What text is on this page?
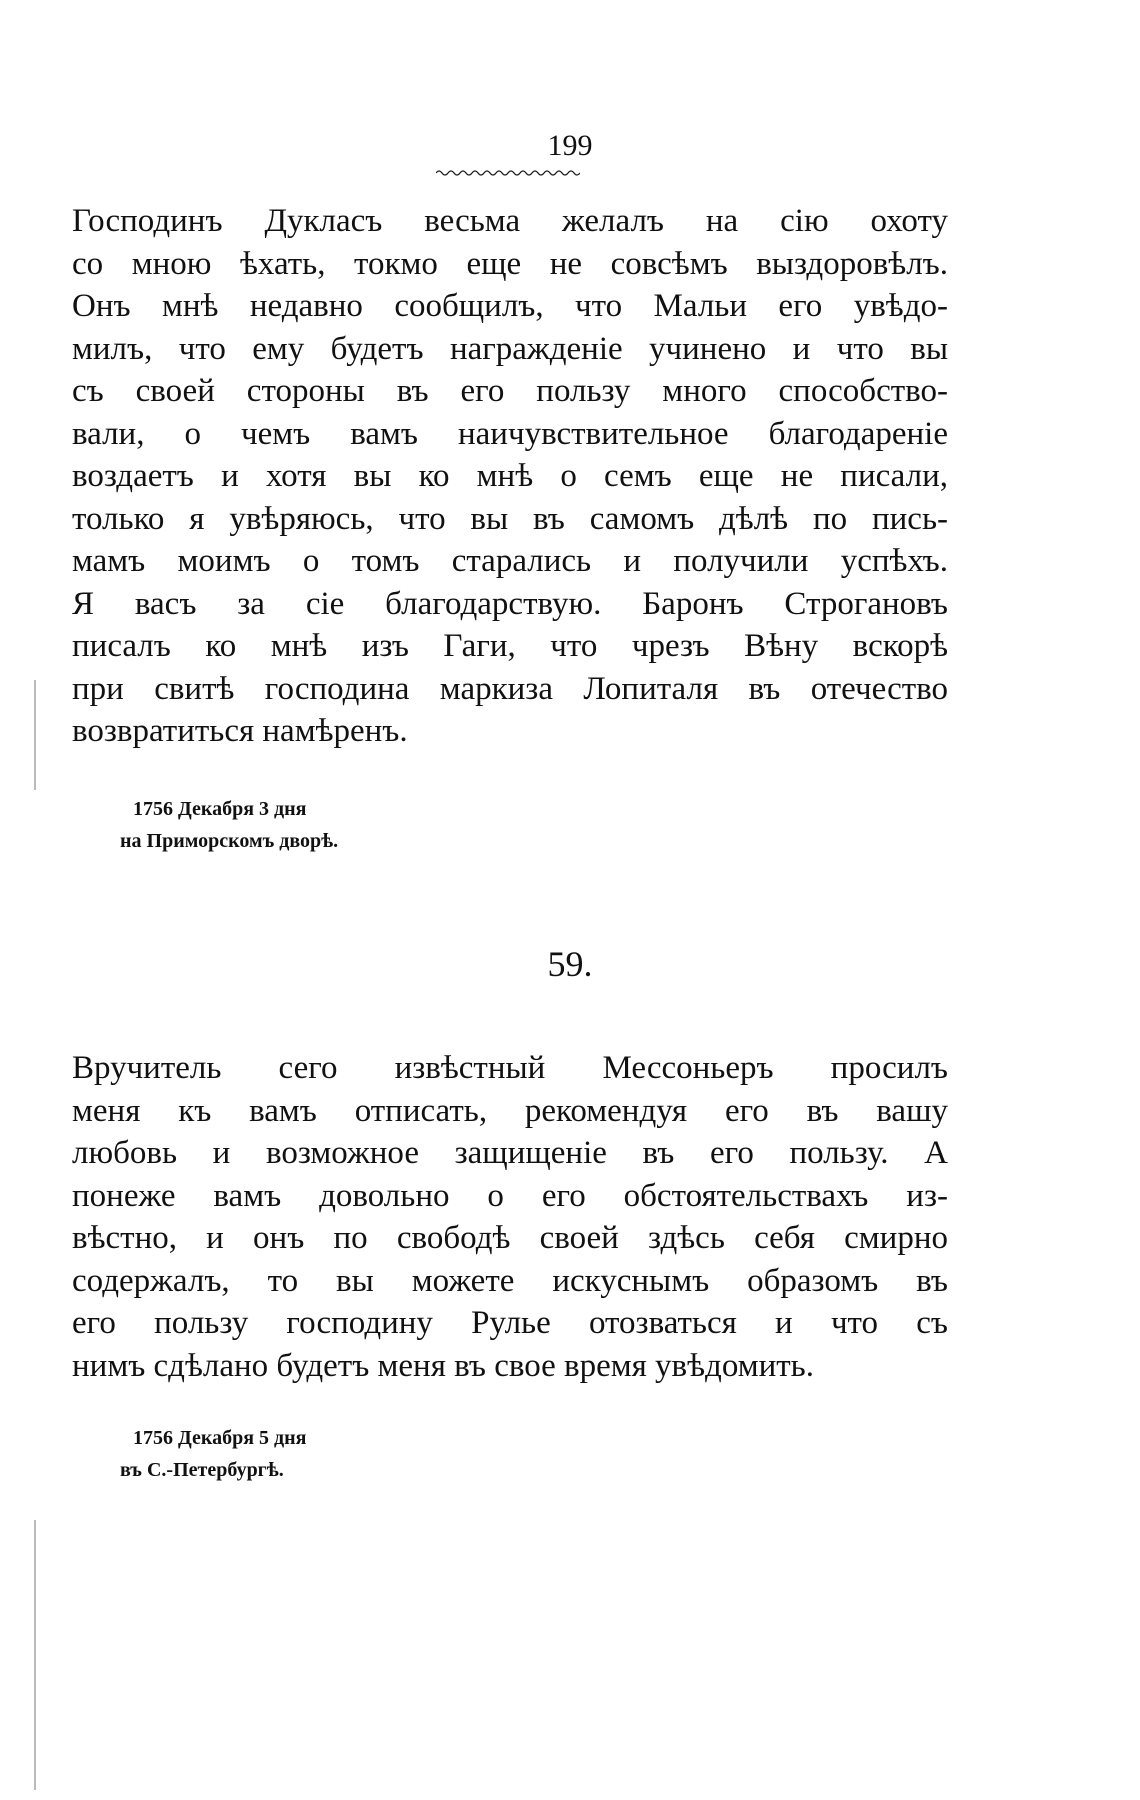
199
Господинъ Дукласъ весьма желалъ на сiю охоту
со мною ѣхать, токмо еще не совсѣмъ выздоровѣлъ.
Онъ мнѣ недавно сообщилъ, что Мальи его увѣдо-
милъ, что ему будетъ награжденiе учинено и что вы
съ своей стороны въ его пользу много способство-
вали, о чемъ вамъ наичувствительное благодаренiе
воздаетъ и хотя вы ко мнѣ о семъ еще не писали,
только я увѣряюсь, что вы въ самомъ дѣлѣ по пись-
мамъ моимъ о томъ старались и получили успѣхъ.
Я васъ за сiе благодарствую. Баронъ Строгановъ
писалъ ко мнѣ изъ Гаги, что чрезъ Вѣну вскорѣ
при свитѣ господина маркиза Лопиталя въ отечество
возвратиться намѣренъ.
1756 Декабря 3 дня
на Приморскомъ дворѣ.
59.
Вручитель сего извѣстный Мессоньеръ просилъ
меня къ вамъ отписать, рекомендуя его въ вашу
любовь и возможное защищенiе въ его пользу. А
понеже вамъ довольно о его обстоятельствахъ из-
вѣстно, и онъ по свободѣ своей здѣсь себя смирно
содержалъ, то вы можете искуснымъ образомъ въ
его пользу господину Рулье отозваться и что съ
нимъ сдѣлано будетъ меня въ свое время увѣдомить.
1756 Декабря 5 дня
въ С.-Петербургѣ.
